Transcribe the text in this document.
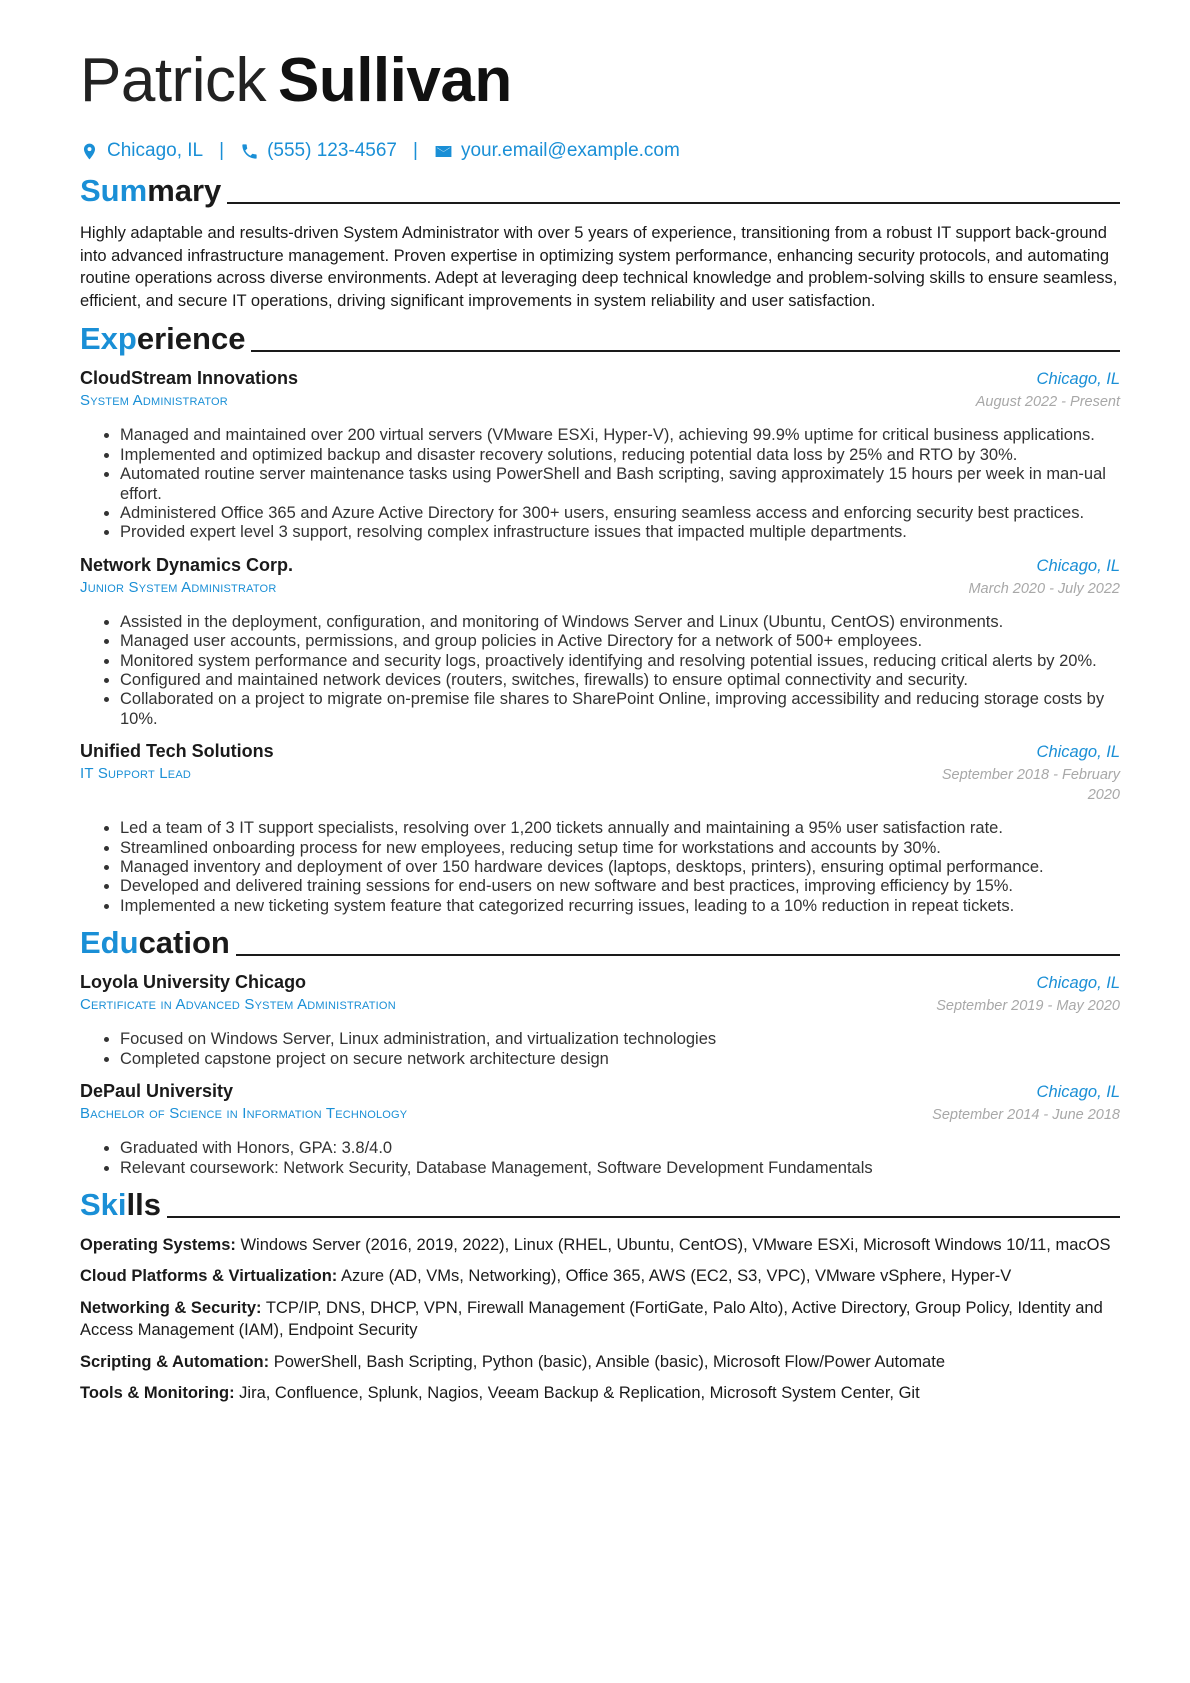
Patrick Sullivan
Chicago, IL | (555) 123-4567 | your.email@example.com
Summary
Highly adaptable and results-driven System Administrator with over 5 years of experience, transitioning from a robust IT support back-ground into advanced infrastructure management. Proven expertise in optimizing system performance, enhancing security protocols, and automating routine operations across diverse environments. Adept at leveraging deep technical knowledge and problem-solving skills to ensure seamless, efficient, and secure IT operations, driving significant improvements in system reliability and user satisfaction.
Experience
CloudStream Innovations	Chicago, IL
System Administrator	August 2022 - Present
• Managed and maintained over 200 virtual servers (VMware ESXi, Hyper-V), achieving 99.9% uptime for critical business applications.
• Implemented and optimized backup and disaster recovery solutions, reducing potential data loss by 25% and RTO by 30%.
• Automated routine server maintenance tasks using PowerShell and Bash scripting, saving approximately 15 hours per week in man-ual effort.
• Administered Office 365 and Azure Active Directory for 300+ users, ensuring seamless access and enforcing security best practices.
• Provided expert level 3 support, resolving complex infrastructure issues that impacted multiple departments.
Network Dynamics Corp.	Chicago, IL
Junior System Administrator	March 2020 - July 2022
• Assisted in the deployment, configuration, and monitoring of Windows Server and Linux (Ubuntu, CentOS) environments.
• Managed user accounts, permissions, and group policies in Active Directory for a network of 500+ employees.
• Monitored system performance and security logs, proactively identifying and resolving potential issues, reducing critical alerts by 20%.
• Configured and maintained network devices (routers, switches, firewalls) to ensure optimal connectivity and security.
• Collaborated on a project to migrate on-premise file shares to SharePoint Online, improving accessibility and reducing storage costs by 10%.
Unified Tech Solutions	Chicago, IL
IT Support Lead	September 2018 - February 2020
• Led a team of 3 IT support specialists, resolving over 1,200 tickets annually and maintaining a 95% user satisfaction rate.
• Streamlined onboarding process for new employees, reducing setup time for workstations and accounts by 30%.
• Managed inventory and deployment of over 150 hardware devices (laptops, desktops, printers), ensuring optimal performance.
• Developed and delivered training sessions for end-users on new software and best practices, improving efficiency by 15%.
• Implemented a new ticketing system feature that categorized recurring issues, leading to a 10% reduction in repeat tickets.
Education
Loyola University Chicago	Chicago, IL
Certificate in Advanced System Administration	September 2019 - May 2020
• Focused on Windows Server, Linux administration, and virtualization technologies
• Completed capstone project on secure network architecture design
DePaul University	Chicago, IL
Bachelor of Science in Information Technology	September 2014 - June 2018
• Graduated with Honors, GPA: 3.8/4.0
• Relevant coursework: Network Security, Database Management, Software Development Fundamentals
Skills
Operating Systems: Windows Server (2016, 2019, 2022), Linux (RHEL, Ubuntu, CentOS), VMware ESXi, Microsoft Windows 10/11, macOS
Cloud Platforms & Virtualization: Azure (AD, VMs, Networking), Office 365, AWS (EC2, S3, VPC), VMware vSphere, Hyper-V
Networking & Security: TCP/IP, DNS, DHCP, VPN, Firewall Management (FortiGate, Palo Alto), Active Directory, Group Policy, Identity and Access Management (IAM), Endpoint Security
Scripting & Automation: PowerShell, Bash Scripting, Python (basic), Ansible (basic), Microsoft Flow/Power Automate
Tools & Monitoring: Jira, Confluence, Splunk, Nagios, Veeam Backup & Replication, Microsoft System Center, Git
